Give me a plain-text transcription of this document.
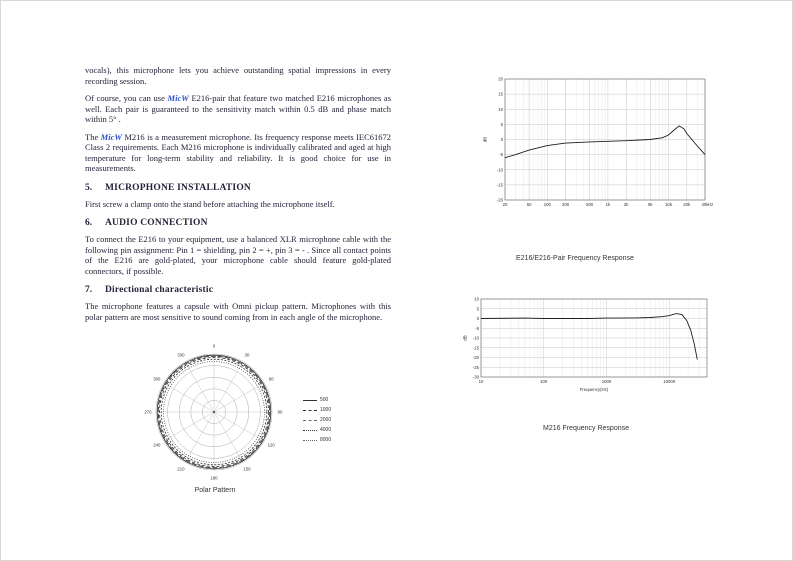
vocals), this microphone lets you achieve outstanding spatial impressions in every recording session.

Of course, you can use MicW E216-pair that feature two matched E216 microphones as well. Each pair is guaranteed to the sensitivity match within 0.5 dB and phase match within 5° .

The MicW M216 is a measurement microphone. Its frequency response meets IEC61672 Class 2 requirements. Each M216 microphone is individually calibrated and aged at high temperature for long-term stability and reliability. It is good choice for use in measurements.

5.	MICROPHONE INSTALLATION

First screw a clamp onto the stand before attaching the microphone itself.

6.	AUDIO CONNECTION

To connect the E216 to your equipment, use a balanced XLR microphone cable with the following pin assignment: Pin 1 = shielding, pin 2 = +, pin 3 = - . Since all contact points of the E216 are gold-plated, your microphone cable should feature gold-plated connectors, if possible.

7.	Directional characteristic

The microphone features a capsule with Omni pickup pattern. Microphones with this polar pattern are most sensitive to sound coming from in each angle of the microphone.

0
30
60
90
120
150
180
210
240
270
300
330
500
1000
2000
4000
8000
Polar Pattern
20	50	100	200	500	1k	2k	5k	10k	20k	40k
20
15
10
5
0
-5
-10
-15
-20
dB
Hz
E216/E216-Pair Frequency Response
10	100	1000	10000
10
5
0
-5
-10
-15
-20
-25
-30
dB
Frequency(Hz)
M216 Frequency Response
